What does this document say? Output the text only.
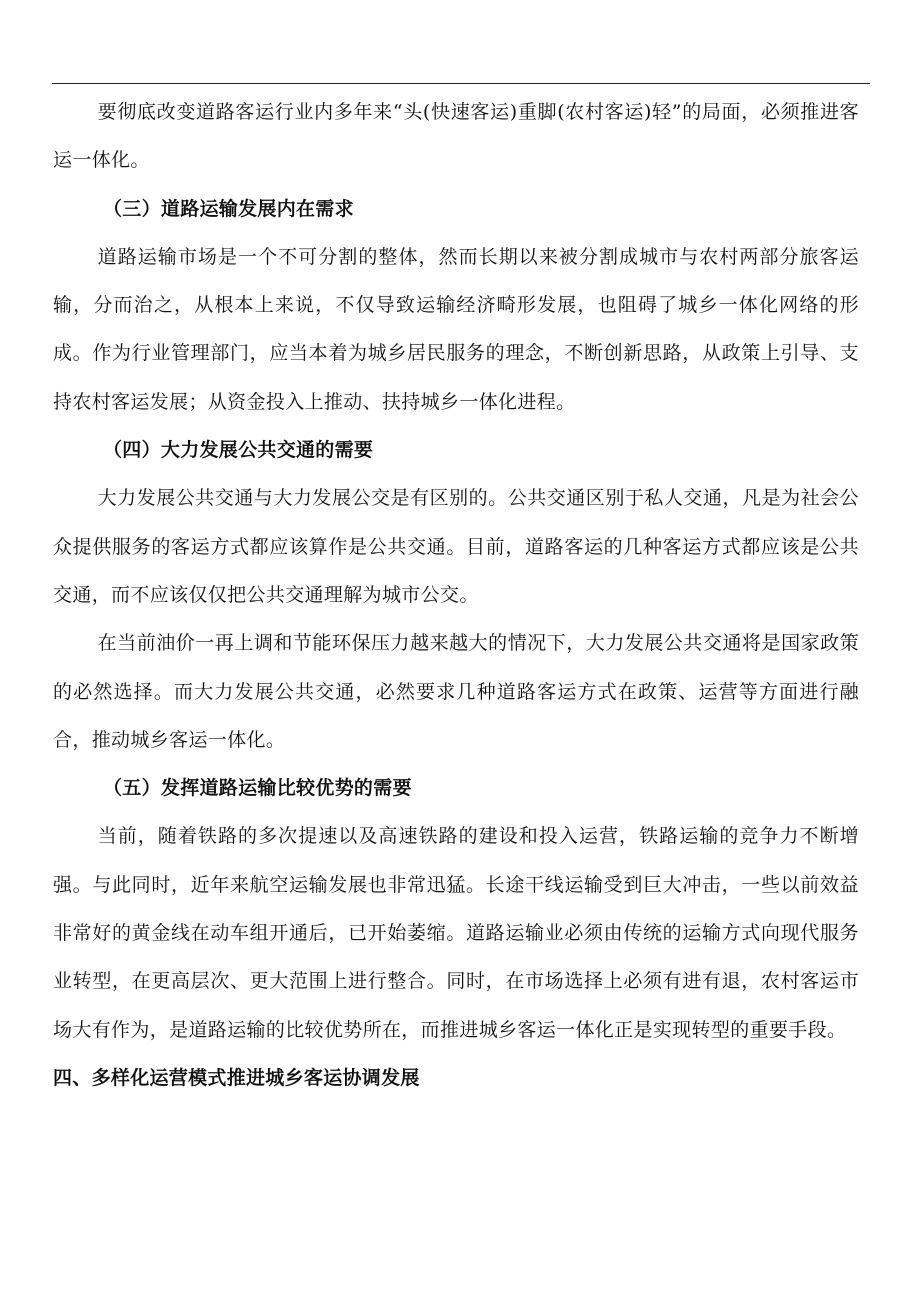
要彻底改变道路客运行业内多年来“头(快速客运)重脚(农村客运)轻”的局面，必须推进客运一体化。

（三）道路运输发展内在需求

道路运输市场是一个不可分割的整体，然而长期以来被分割成城市与农村两部分旅客运输，分而治之，从根本上来说，不仅导致运输经济畸形发展，也阻碍了城乡一体化网络的形成。作为行业管理部门，应当本着为城乡居民服务的理念，不断创新思路，从政策上引导、支持农村客运发展；从资金投入上推动、扶持城乡一体化进程。

（四）大力发展公共交通的需要

大力发展公共交通与大力发展公交是有区别的。公共交通区别于私人交通，凡是为社会公众提供服务的客运方式都应该算作是公共交通。目前，道路客运的几种客运方式都应该是公共交通，而不应该仅仅把公共交通理解为城市公交。

在当前油价一再上调和节能环保压力越来越大的情况下，大力发展公共交通将是国家政策的必然选择。而大力发展公共交通，必然要求几种道路客运方式在政策、运营等方面进行融合，推动城乡客运一体化。

（五）发挥道路运输比较优势的需要

当前，随着铁路的多次提速以及高速铁路的建设和投入运营，铁路运输的竞争力不断增强。与此同时，近年来航空运输发展也非常迅猛。长途干线运输受到巨大冲击，一些以前效益非常好的黄金线在动车组开通后，已开始萎缩。道路运输业必须由传统的运输方式向现代服务业转型，在更高层次、更大范围上进行整合。同时，在市场选择上必须有进有退，农村客运市场大有作为，是道路运输的比较优势所在，而推进城乡客运一体化正是实现转型的重要手段。

四、多样化运营模式推进城乡客运协调发展
